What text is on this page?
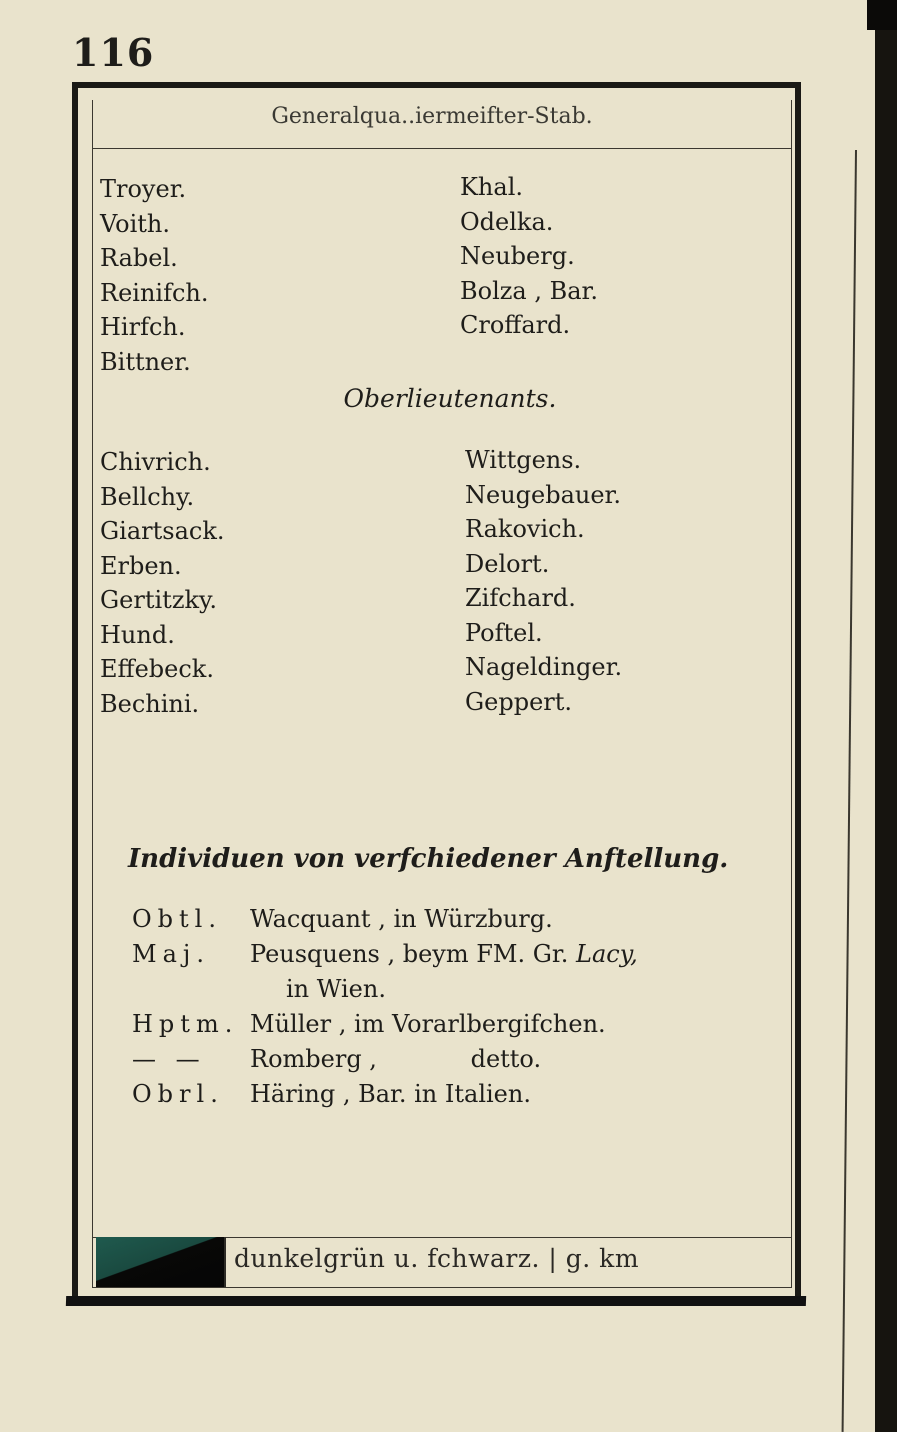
116
Generalqua..iermeifter-Stab.
Troyer.
Voith.
Rabel.
Reinifch.
Hirfch.
Bittner.
Khal.
Odelka.
Neuberg.
Bolza , Bar.
Croffard.
Oberlieutenants.
Chivrich.
Bellchy.
Giartsack.
Erben.
Gertitzky.
Hund.
Effebeck.
Bechini.
Wittgens.
Neugebauer.
Rakovich.
Delort.
Zifchard.
Poftel.
Nageldinger.
Geppert.
Individuen von verfchiedener Anftellung.
Obtl. Wacquant , in Würzburg.
Maj. Peusquens , beym FM. Gr. Lacy,
in Wien.
Hptm. Müller , im Vorarlbergifchen.
— — Romberg ,	detto.
Obrl. Häring , Bar. in Italien.
dunkelgrün u. fchwarz. | g. km
